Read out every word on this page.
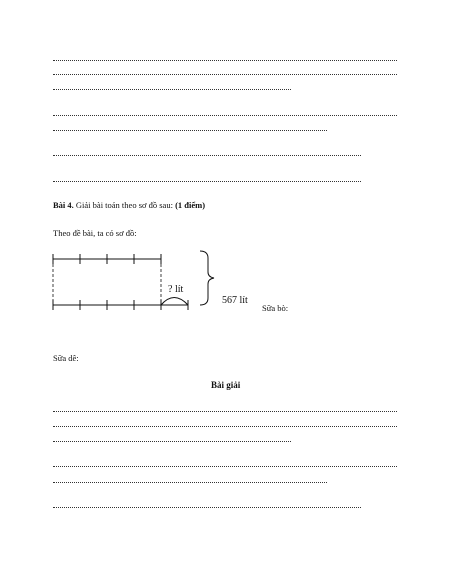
Bài 4. Giải bài toán theo sơ đồ sau: (1 điểm)
Theo đề bài, ta có sơ đồ:
? lít
567 lít
Sữa bò:
Sữa dê:
Bài giải
